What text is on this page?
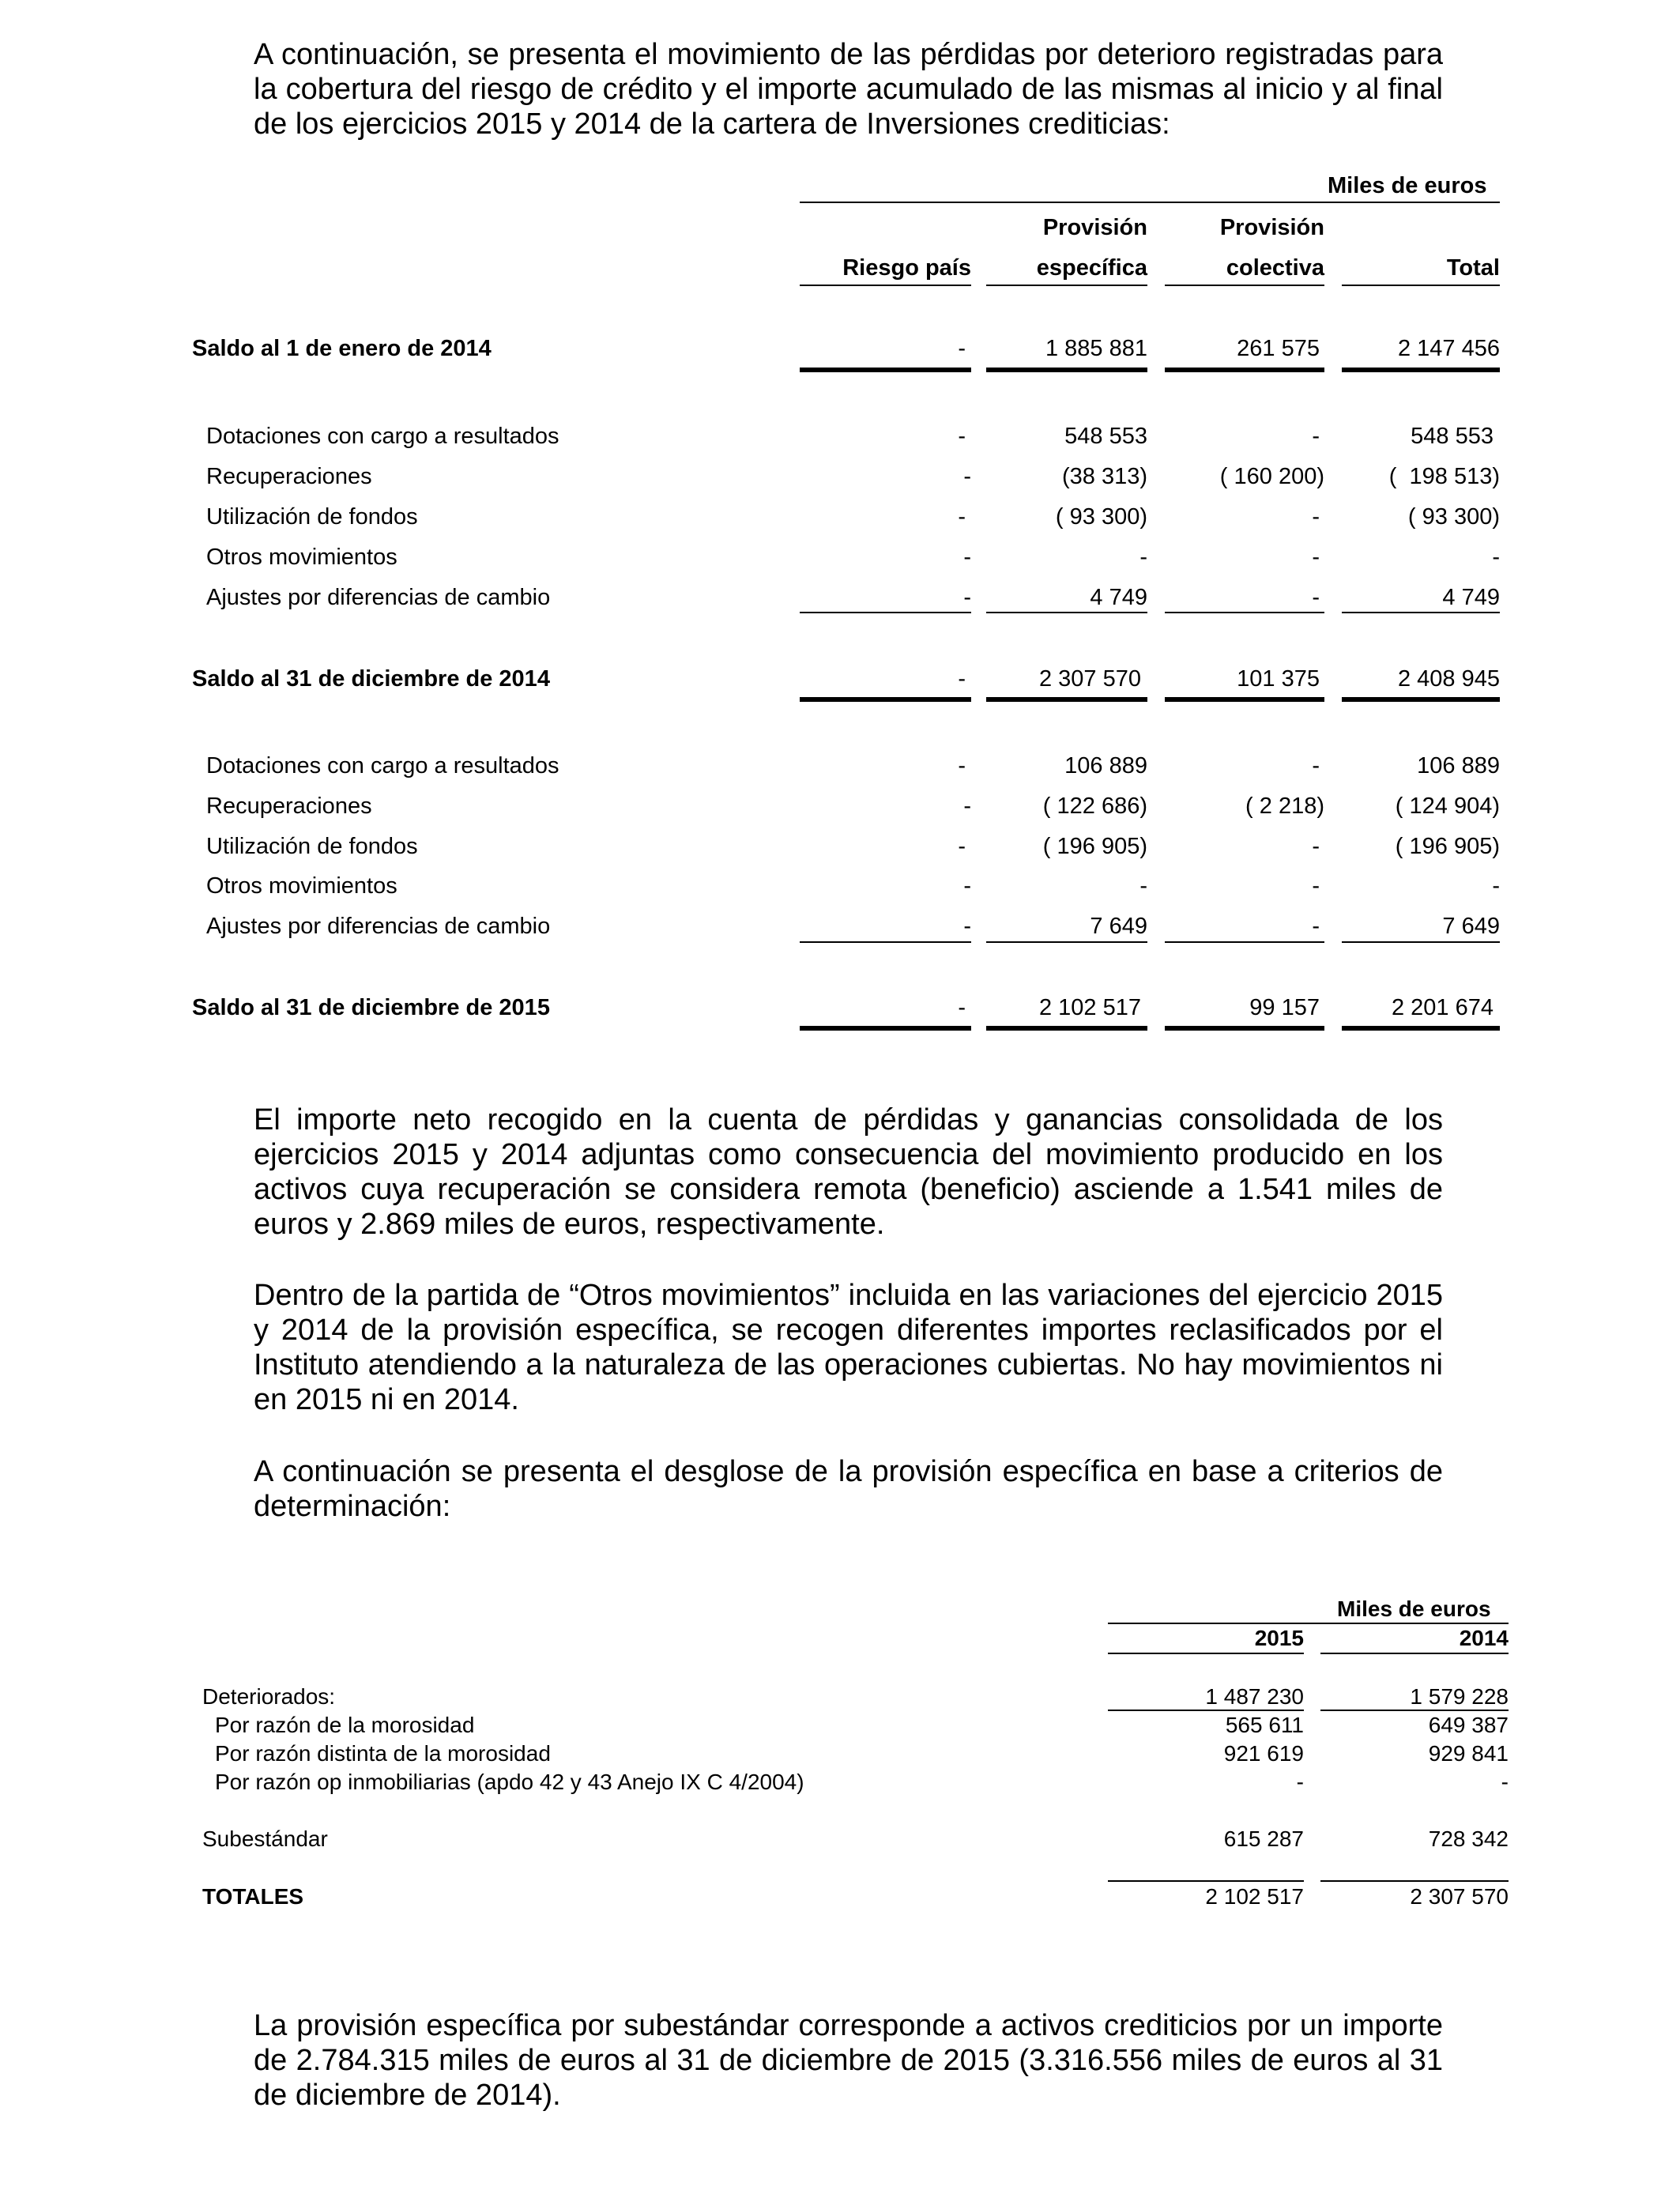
A continuación, se presenta el movimiento de las pérdidas por deterioro registradas para la cobertura del riesgo de crédito y el importe acumulado de las mismas al inicio y al final de los ejercicios 2015 y 2014 de la cartera de Inversiones crediticias:

Miles de euros
Provisión	Provisión
Riesgo país	específica	colectiva	Total
Saldo al 1 de enero de 2014	-	1 885 881	261 575	2 147 456
Dotaciones con cargo a resultados	-	548 553	-	548 553
Recuperaciones	-	(38 313)	( 160 200)	(  198 513)
Utilización de fondos	-	( 93 300)	-	( 93 300)
Otros movimientos	-	-	-	-
Ajustes por diferencias de cambio	-	4 749	-	4 749
Saldo al 31 de diciembre de 2014	-	2 307 570	101 375	2 408 945
Dotaciones con cargo a resultados	-	106 889	-	106 889
Recuperaciones	-	( 122 686)	( 2 218)	( 124 904)
Utilización de fondos	-	( 196 905)	-	( 196 905)
Otros movimientos	-	-	-	-
Ajustes por diferencias de cambio	-	7 649	-	7 649
Saldo al 31 de diciembre de 2015	-	2 102 517	99 157	2 201 674

El importe neto recogido en la cuenta de pérdidas y ganancias consolidada de los ejercicios 2015 y 2014 adjuntas como consecuencia del movimiento producido en los activos cuya recuperación se considera remota (beneficio) asciende a 1.541 miles de euros y 2.869 miles de euros, respectivamente.

Dentro de la partida de “Otros movimientos” incluida en las variaciones del ejercicio 2015 y 2014 de la provisión específica, se recogen diferentes importes reclasificados por el Instituto atendiendo a la naturaleza de las operaciones cubiertas. No hay movimientos ni en 2015 ni en 2014.

A continuación se presenta el desglose de la provisión específica en base a criterios de determinación:

Miles de euros
2015	2014
Deteriorados:	1 487 230	1 579 228
Por razón de la morosidad	565 611	649 387
Por razón distinta de la morosidad	921 619	929 841
Por razón op inmobiliarias (apdo 42 y 43 Anejo IX C 4/2004)	-	-
Subestándar	615 287	728 342
TOTALES	2 102 517	2 307 570

La provisión específica por subestándar corresponde a activos crediticios por un importe de 2.784.315 miles de euros al 31 de diciembre de 2015 (3.316.556 miles de euros al 31 de diciembre de 2014).
